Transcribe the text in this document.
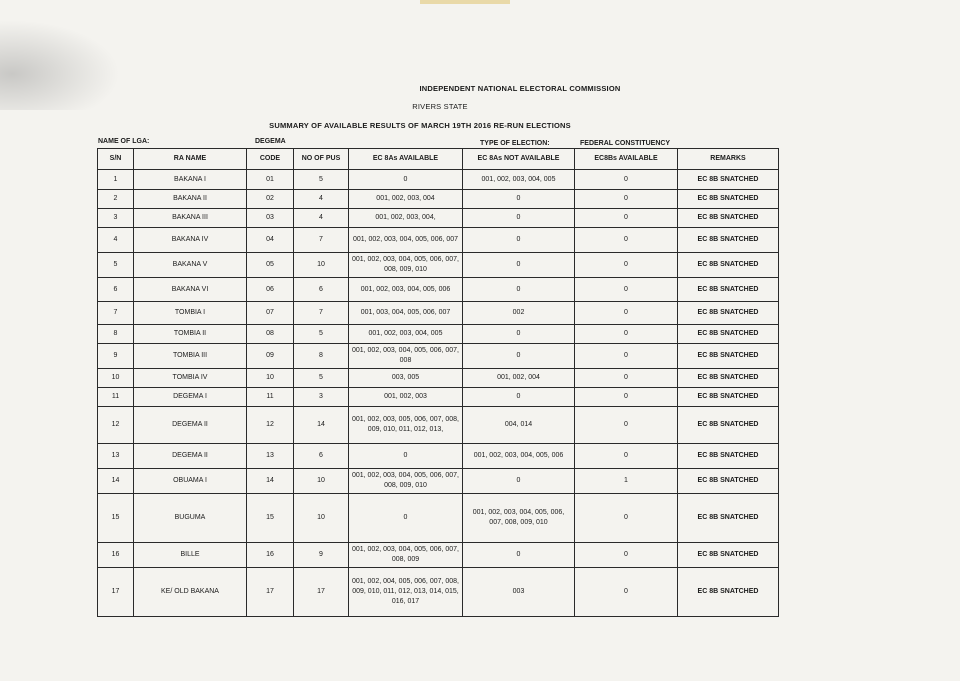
INDEPENDENT NATIONAL ELECTORAL COMMISSION
RIVERS STATE
SUMMARY OF AVAILABLE RESULTS OF MARCH 19TH 2016 RE-RUN ELECTIONS
NAME OF LGA:	DEGEMA	TYPE OF ELECTION:	FEDERAL CONSTITUENCY
S/N	RA NAME	CODE	NO OF PUS	EC 8As AVAILABLE	EC 8As NOT AVAILABLE	EC8Bs AVAILABLE	REMARKS
1	BAKANA I	01	5	0	001, 002, 003, 004, 005	0	EC 8B SNATCHED
2	BAKANA II	02	4	001, 002, 003, 004	0	0	EC 8B SNATCHED
3	BAKANA III	03	4	001, 002, 003, 004,	0	0	EC 8B SNATCHED
4	BAKANA IV	04	7	001, 002, 003, 004, 005, 006, 007	0	0	EC 8B SNATCHED
5	BAKANA V	05	10	001, 002, 003, 004, 005, 006, 007, 008, 009, 010	0	0	EC 8B SNATCHED
6	BAKANA VI	06	6	001, 002, 003, 004, 005, 006	0	0	EC 8B SNATCHED
7	TOMBIA I	07	7	001, 003, 004, 005, 006, 007	002	0	EC 8B SNATCHED
8	TOMBIA II	08	5	001, 002, 003, 004, 005	0	0	EC 8B SNATCHED
9	TOMBIA III	09	8	001, 002, 003, 004, 005, 006, 007, 008	0	0	EC 8B SNATCHED
10	TOMBIA IV	10	5	003, 005	001, 002, 004	0	EC 8B SNATCHED
11	DEGEMA I	11	3	001, 002, 003	0	0	EC 8B SNATCHED
12	DEGEMA II	12	14	001, 002, 003, 005, 006, 007, 008, 009, 010, 011, 012, 013,	004, 014	0	EC 8B SNATCHED
13	DEGEMA II	13	6	0	001, 002, 003, 004, 005, 006	0	EC 8B SNATCHED
14	OBUAMA I	14	10	001, 002, 003, 004, 005, 006, 007, 008, 009, 010	0	1	EC 8B SNATCHED
15	BUGUMA	15	10	0	001, 002, 003, 004, 005, 006, 007, 008, 009, 010	0	EC 8B SNATCHED
16	BILLE	16	9	001, 002, 003, 004, 005, 006, 007, 008, 009	0	0	EC 8B SNATCHED
17	KE/ OLD BAKANA	17	17	001, 002, 004, 005, 006, 007, 008, 009, 010, 011, 012, 013, 014, 015, 016, 017	003	0	EC 8B SNATCHED
